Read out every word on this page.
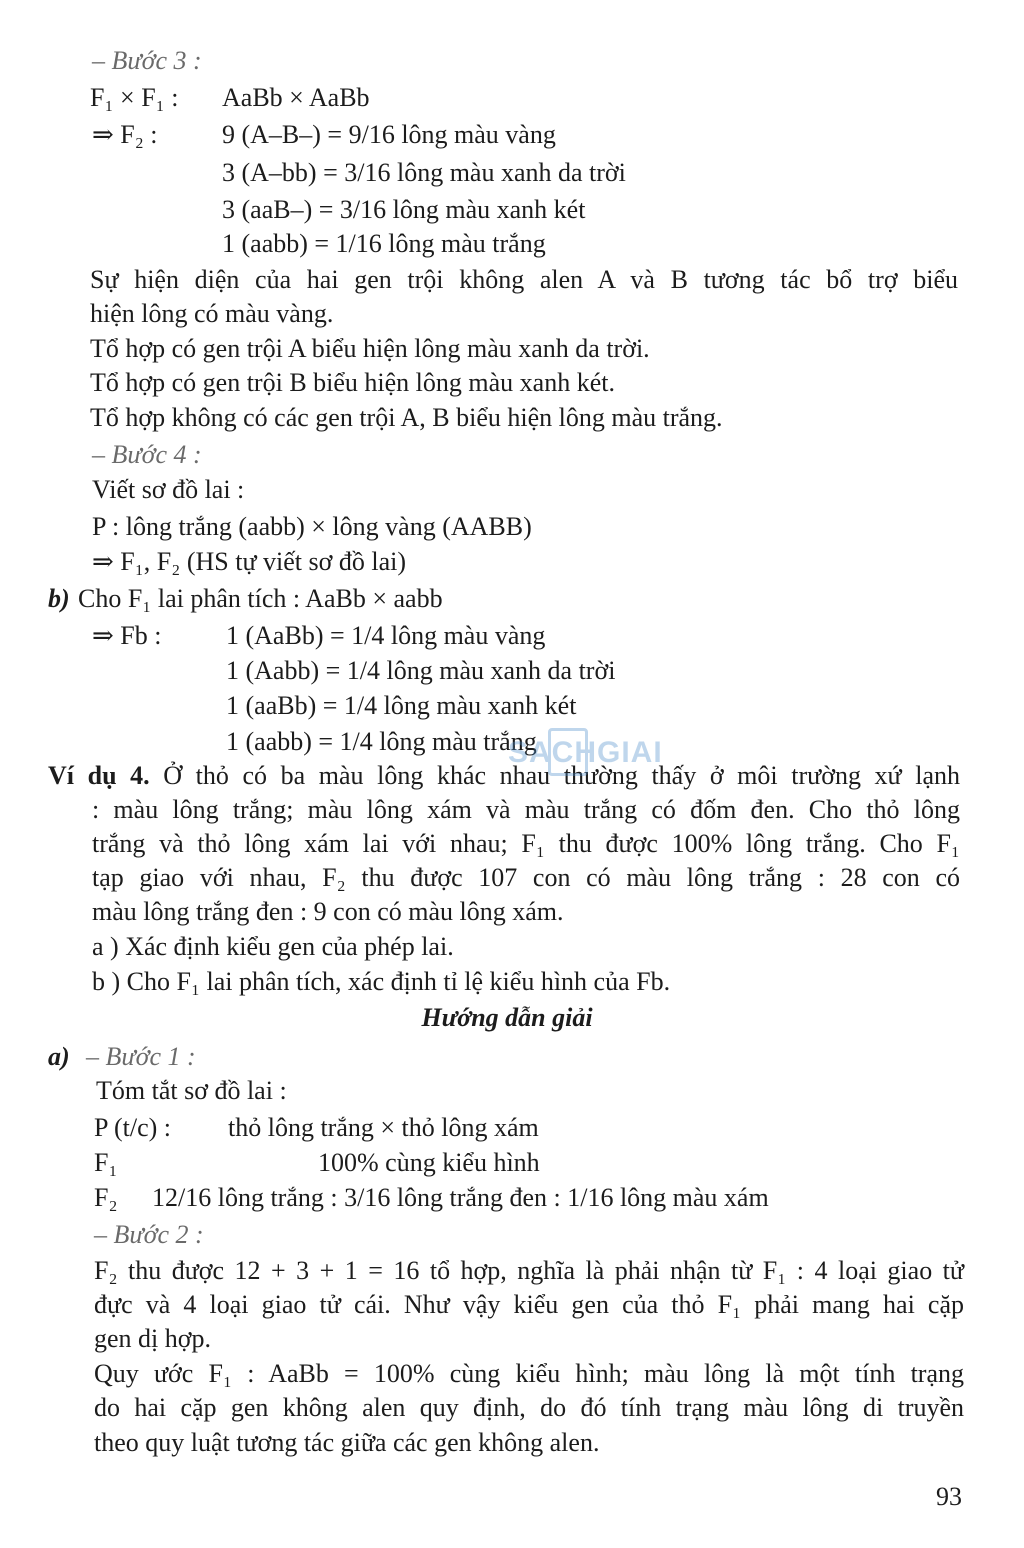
– Bước 3 :
F₁ × F₁ : AaBb × AaBb
⇒ F₂ : 9 (A–B–) = 9/16 lông màu vàng
3 (A–bb) = 3/16 lông màu xanh da trời
3 (aaB–) = 3/16 lông màu xanh két
1 (aabb) = 1/16 lông màu trắng
Sự hiện diện của hai gen trội không alen A và B tương tác bổ trợ biểu
hiện lông có màu vàng.
Tổ hợp có gen trội A biểu hiện lông màu xanh da trời.
Tổ hợp có gen trội B biểu hiện lông màu xanh két.
Tổ hợp không có các gen trội A, B biểu hiện lông màu trắng.
– Bước 4 :
Viết sơ đồ lai :
P : lông trắng (aabb) × lông vàng (AABB)
⇒ F₁, F₂ (HS tự viết sơ đồ lai)
b) Cho F₁ lai phân tích : AaBb × aabb
⇒ Fb : 1 (AaBb) = 1/4 lông màu vàng
1 (Aabb) = 1/4 lông màu xanh da trời
1 (aaBb) = 1/4 lông màu xanh két
1 (aabb) = 1/4 lông màu trắng
Ví dụ 4. Ở thỏ có ba màu lông khác nhau thường thấy ở môi trường xứ lạnh
: màu lông trắng; màu lông xám và màu trắng có đốm đen. Cho thỏ lông
trắng và thỏ lông xám lai với nhau; F₁ thu được 100% lông trắng. Cho F₁
tạp giao với nhau, F₂ thu được 107 con có màu lông trắng : 28 con có
màu lông trắng đen : 9 con có màu lông xám.
a ) Xác định kiểu gen của phép lai.
b ) Cho F₁ lai phân tích, xác định tỉ lệ kiểu hình của Fb.
Hướng dẫn giải
a) – Bước 1 :
Tóm tắt sơ đồ lai :
P (t/c) : thỏ lông trắng × thỏ lông xám
F₁	100% cùng kiểu hình
F₂ 12/16 lông trắng : 3/16 lông trắng đen : 1/16 lông màu xám
– Bước 2 :
F₂ thu được 12 + 3 + 1 = 16 tổ hợp, nghĩa là phải nhận từ F₁ : 4 loại giao tử
đực và 4 loại giao tử cái. Như vậy kiểu gen của thỏ F₁ phải mang hai cặp
gen dị hợp.
Quy ước F₁ : AaBb = 100% cùng kiểu hình; màu lông là một tính trạng
do hai cặp gen không alen quy định, do đó tính trạng màu lông di truyền
theo quy luật tương tác giữa các gen không alen.
SACHGIAI
93
